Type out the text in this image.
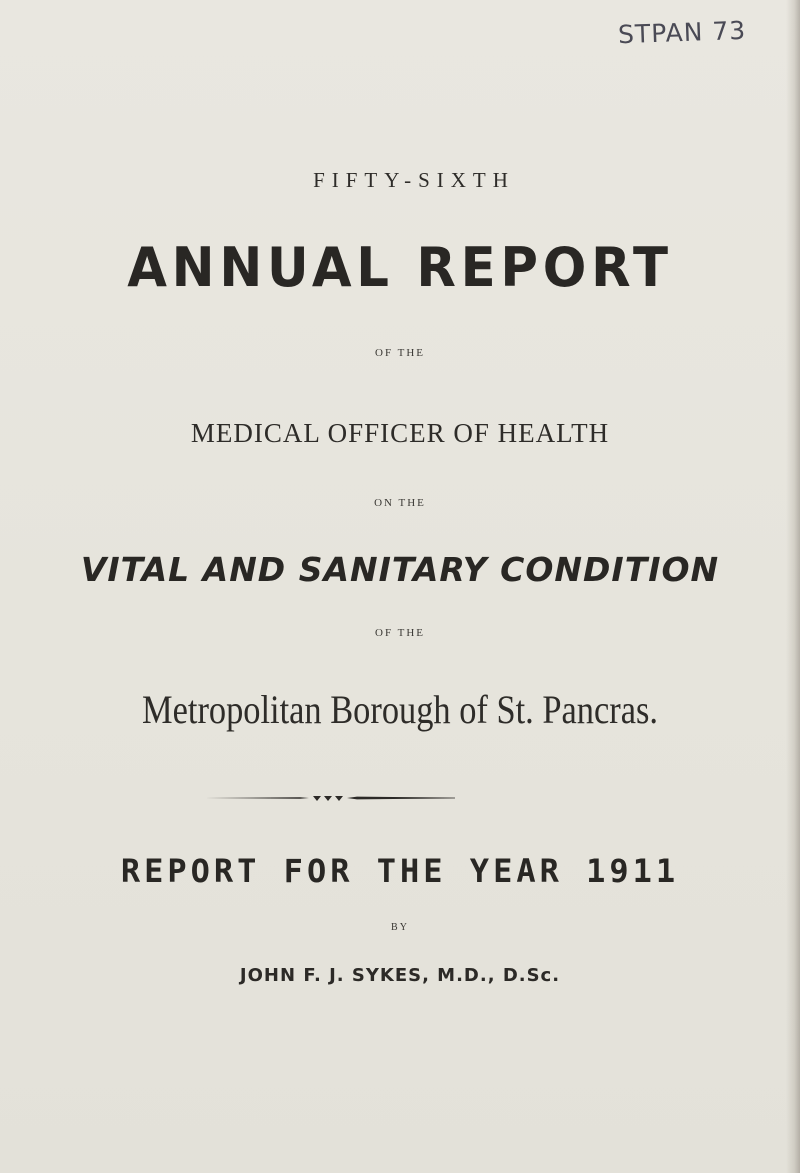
STPAN 73
FIFTY-SIXTH
ANNUAL REPORT
OF THE
MEDICAL OFFICER OF HEALTH
ON THE
VITAL AND SANITARY CONDITION
OF THE
Metropolitan Borough of St. Pancras.
REPORT FOR THE YEAR 1911
BY
JOHN F. J. SYKES, M.D., D.Sc.
